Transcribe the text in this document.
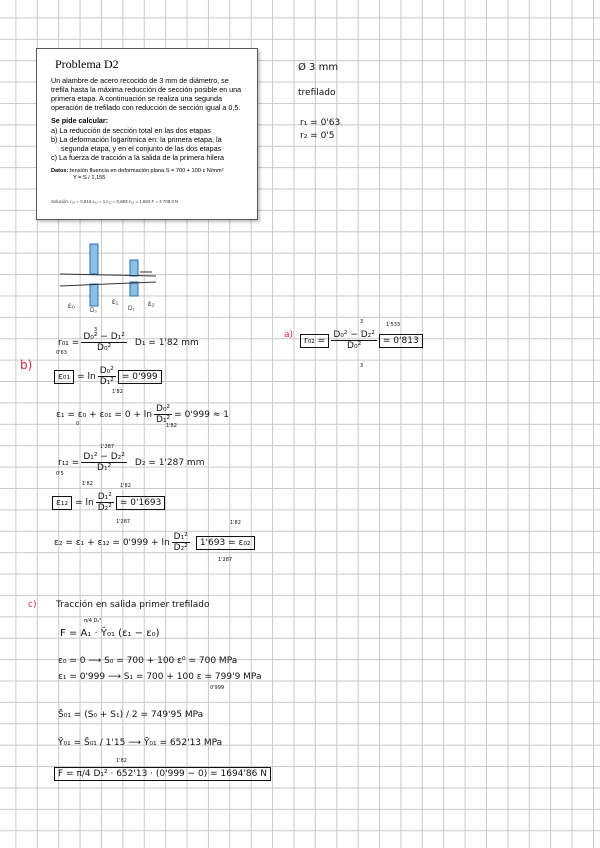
Problema D2
Un alambre de acero recocido de 3 mm de diámetro, se trefila hasta la máxima reducción de sección posible en una primera etapa. A continuación se realiza una segunda operación de trefilado con reducción de sección igual a 0,5.
Se pide calcular:
a) La reducción de sección total en las dos etapas
b) La deformación logarítmica en: la primera etapa, la segunda etapa, y en el conjunto de las dos etapas
c) La fuerza de tracción a la salida de la primera hilera
Datos: tensión fluencia en deformación plana S = 700 + 100·ε N/mm²
Y = S / 1,155
Solución: r₀₂ = 0,816 ε₀₁ = 1 ε₁₂ = 0,693 ε₀₂ = 1,693 F = 3 708,3 N
Ø 3 mm
trefilado
r₁ = 0'63
r₂ = 0'5
ε₀	ε₁	ε₂
D₀	D₁
a)
3	1'533
$r_{02} = \frac{\text{D₀² − D₂²}}{\text{D₀²}} = 0'813$
3
b)
3
$r_{01} = \frac{\text{D₀² − D₁²}}{\text{D₀²}} D_1 = 1'82$ mm
0'63
$\varepsilon_{01} = \ln \frac{\text{D₀²}}{\text{D₁²}} = 0'999$
1'82
$\varepsilon_1 = \varepsilon_0 + \varepsilon_{01} = 0 + \ln \frac{\text{D₀²}}{\text{D₁²}} = 0'999 \approx 1$
0	1'82
1'287
$r_{12} = \frac{\text{D₁² − D₂²}}{\text{D₁²}} D_2 = 1'287$ mm
0'5
1'82	1'82
$\varepsilon_{12} = \ln \frac{\text{D₁²}}{\text{D₂²}} = 0'1693$
1'287	1'82
$\varepsilon_2 = \varepsilon_1 + \varepsilon_{12} = 0'999 + \ln \frac{\text{D₁²}}{\text{D₂²}}$	1'693 = ε₀₂
1'287
c) Tracción en salida primer trefilado
π/4 D₁²
F = A₁ · Ȳ₀₁ (ε₁ − ε₀)
ε₀ = 0 ⟶ S₀ = 700 + 100 ε⁰ = 700 MPa
ε₁ = 0'999 ⟶ S₁ = 700 + 100 ε = 799'9 MPa
0'999
S̄₀₁ = (S₀ + S₁) / 2 = 749'95 MPa
Ȳ₀₁ = S̄₀₁ / 1'15 ⟶ Ȳ₀₁ = 652'13 MPa
1'82
F = π/4 D₁² · 652'13 · (0'999 − 0) = 1694'86 N
